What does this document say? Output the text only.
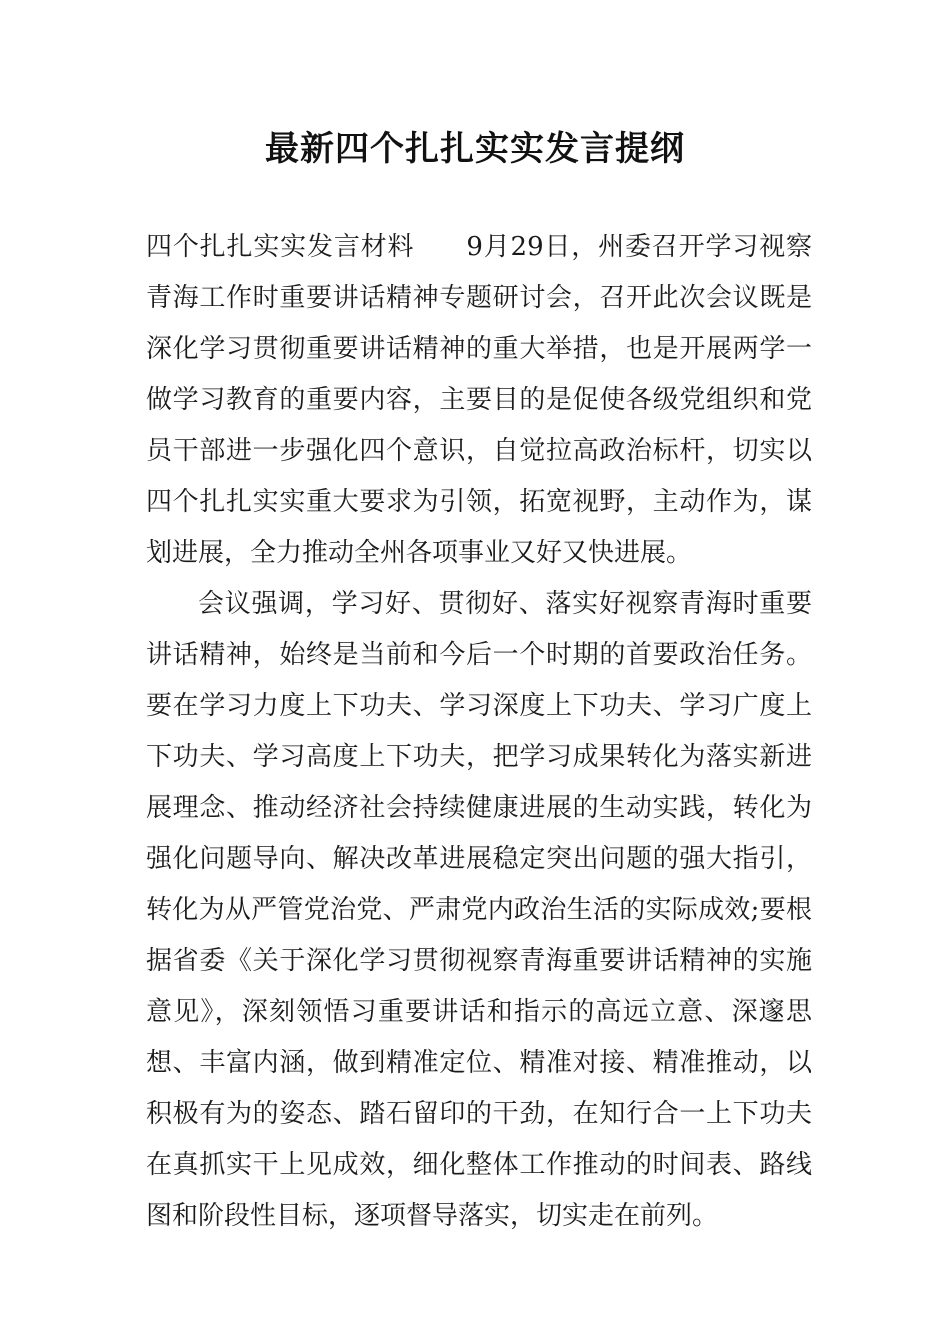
最新四个扎扎实实发言提纲

四个扎扎实实发言材料 9月29日，州委召开学习视察青海工作时重要讲话精神专题研讨会，召开此次会议既是深化学习贯彻重要讲话精神的重大举措，也是开展两学一做学习教育的重要内容，主要目的是促使各级党组织和党员干部进一步强化四个意识，自觉拉高政治标杆，切实以四个扎扎实实重大要求为引领，拓宽视野，主动作为，谋划进展，全力推动全州各项事业又好又快进展。

会议强调，学习好、贯彻好、落实好视察青海时重要讲话精神，始终是当前和今后一个时期的首要政治任务。要在学习力度上下功夫、学习深度上下功夫、学习广度上下功夫、学习高度上下功夫，把学习成果转化为落实新进展理念、推动经济社会持续健康进展的生动实践，转化为强化问题导向、解决改革进展稳定突出问题的强大指引，转化为从严管党治党、严肃党内政治生活的实际成效;要根据省委《关于深化学习贯彻视察青海重要讲话精神的实施意见》，深刻领悟习重要讲话和指示的高远立意、深邃思想、丰富内涵，做到精准定位、精准对接、精准推动，以积极有为的姿态、踏石留印的干劲，在知行合一上下功夫在真抓实干上见成效，细化整体工作推动的时间表、路线图和阶段性目标，逐项督导落实，切实走在前列。
